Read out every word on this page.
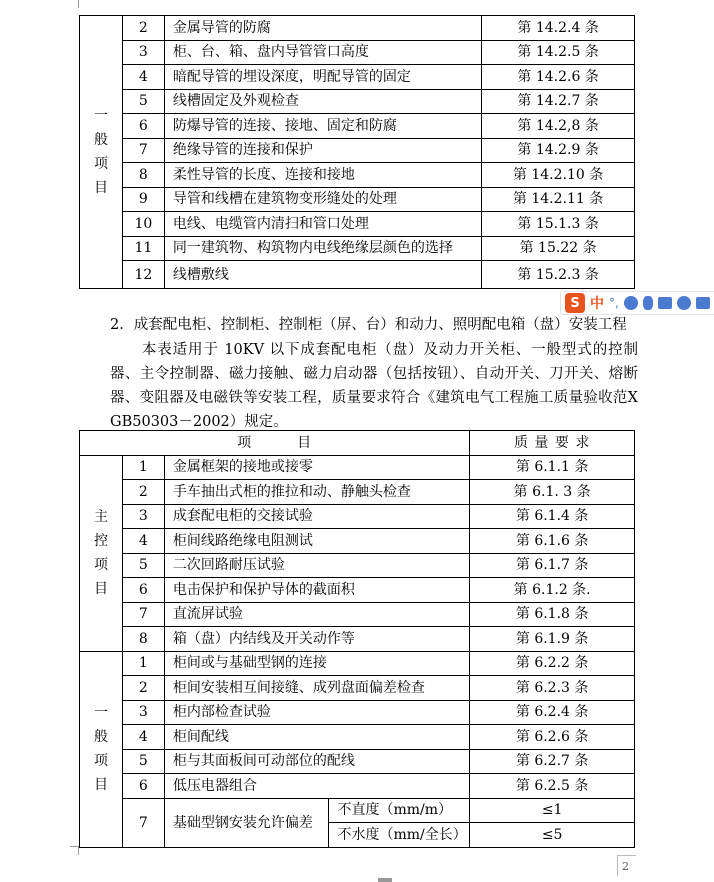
一
般
项
目	2	金属导管的防腐	第 14.2.4 条
	3	柜、台、箱、盘内导管管口高度	第 14.2.5 条
	4	暗配导管的埋设深度，明配导管的固定	第 14.2.6 条
	5	线槽固定及外观检查	第 14.2.7 条
	6	防爆导管的连接、接地、固定和防腐	第 14.2,8 条
	7	绝缘导管的连接和保护	第 14.2.9 条
	8	柔性导管的长度、连接和接地	第 14.2.10 条
	9	导管和线槽在建筑物变形缝处的处理	第 14.2.11 条
	10	电线、电缆管内清扫和管口处理	第 15.1.3 条
	11	同一建筑物、构筑物内电线绝缘层颜色的选择	第 15.22 条
	12	线槽敷线	第 15.2.3 条
S 中 °,
2．成套配电柜、控制柜、控制柜（屏、台）和动力、照明配电箱（盘）安装工程
本表适用于 10KV 以下成套配电柜（盘）及动力开关柜、一般型式的控制器、主令控制器、磁力接触、磁力启动器（包括按钮）、自动开关、刀开关、熔断器、变阻器及电磁铁等安装工程，质量要求符合《建筑电气工程施工质量验收范Ⅹ GB50303－2002）规定。
项　　　目				质 量 要 求

主
控
项
目	1	金属框架的接地或接零		第 6.1.1 条
	2	手车抽出式柜的推拉和动、静触头检查		第 6.1. 3 条
	3	成套配电柜的交接试验		第 6.1.4 条
	4	柜间线路绝缘电阻测试		第 6.1.6 条
	5	二次回路耐压试验		第 6.1.7 条
	6	电击保护和保护导体的截面积		第 6.1.2 条.
	7	直流屏试验		第 6.1.8 条
	8	箱（盘）内结线及开关动作等		第 6.1.9 条

一
般
项
目	1	柜间或与基础型钢的连接		第 6.2.2 条
	2	柜间安装相互间接缝、成列盘面偏差检查		第 6.2.3 条
	3	柜内部检查试验		第 6.2.4 条
	4	柜间配线		第 6.2.6 条
	5	柜与其面板间可动部位的配线		第 6.2.7 条
	6	低压电器组合		第 6.2.5 条
	7	基础型钢安装允许偏差	不直度（mm/m）	≤1
			不水度（mm/全长）	≤5
2
